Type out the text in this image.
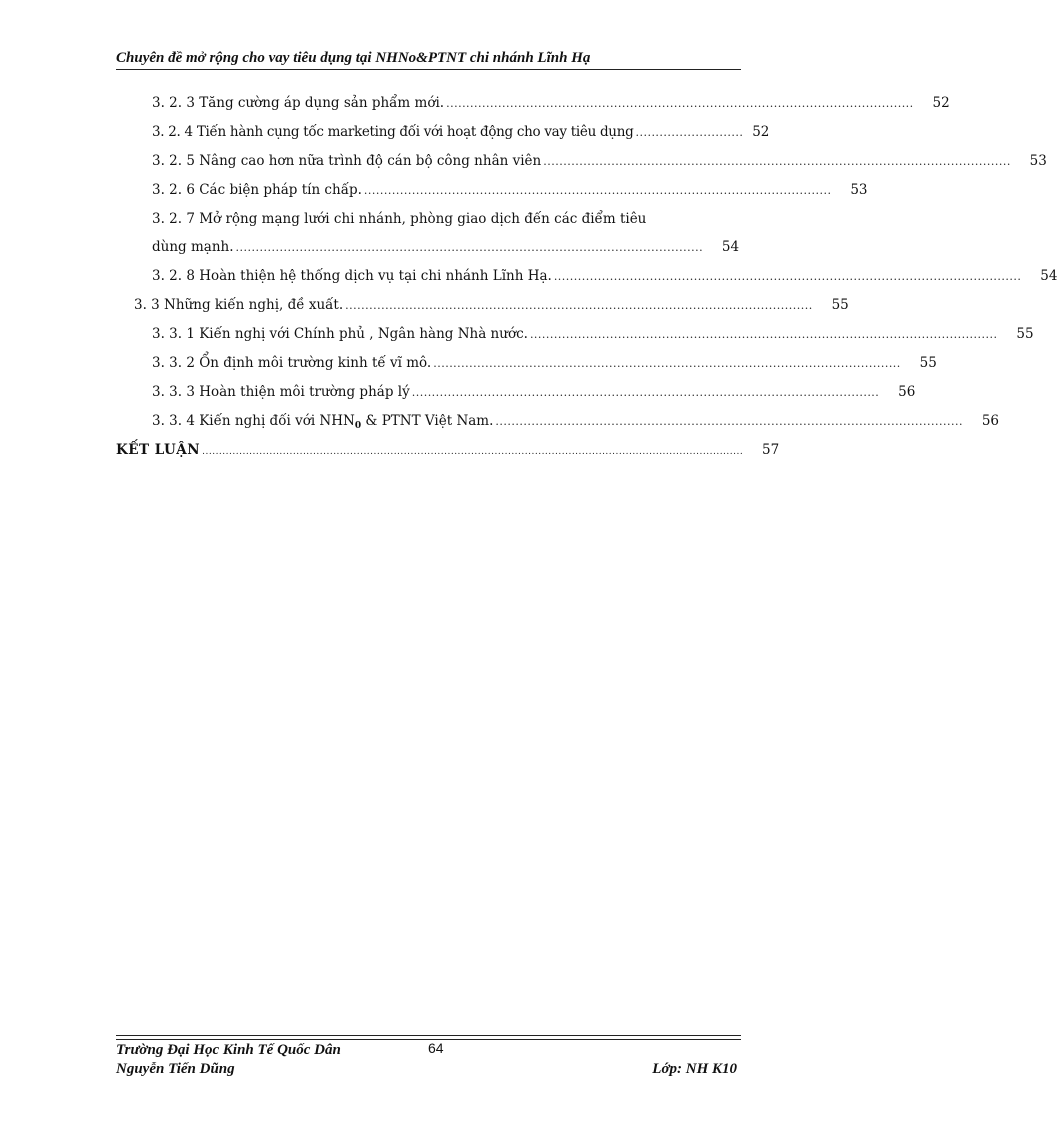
Chuyên đề mở rộng cho vay tiêu dụng tại NHNo&PTNT chi nhánh Lĩnh Hạ
3. 2. 3 Tăng cường áp dụng sản phẩm mới. .....................................................................................................................	52
3. 2. 4 Tiến hành cụng tốc marketing đối với hoạt động cho vay tiêu dụng ........................... 52
3. 2. 5 Nâng cao hơn nữa trình độ cán bộ công nhân viên .....................................................................................................................	53
3. 2. 6 Các biện pháp tín chấp. .....................................................................................................................	53
3. 2. 7 Mở rộng mạng lưới chi nhánh, phòng giao dịch đến các điểm tiêu
dùng mạnh. .....................................................................................................................	54
3. 2. 8 Hoàn thiện hệ thống dịch vụ tại chi nhánh Lĩnh Hạ. .....................................................................................................................	54
3. 3 Những kiến nghị, đề xuất. .....................................................................................................................	55
3. 3. 1 Kiến nghị với Chính phủ , Ngân hàng Nhà nước. .....................................................................................................................	55
3. 3. 2 Ổn định môi trường kinh tế vĩ mô. .....................................................................................................................	55
3. 3. 3 Hoàn thiện môi trường pháp lý .....................................................................................................................	56
3. 3. 4 Kiến nghị đối với $NHN_0$ & PTNT Việt Nam. .....................................................................................................................	56
KẾT LUẬN .................................................................................................................................................................	57
Trường Đại Học Kinh Tế Quốc Dân
Nguyễn Tiến Dũng
64
Lớp: NH K10
